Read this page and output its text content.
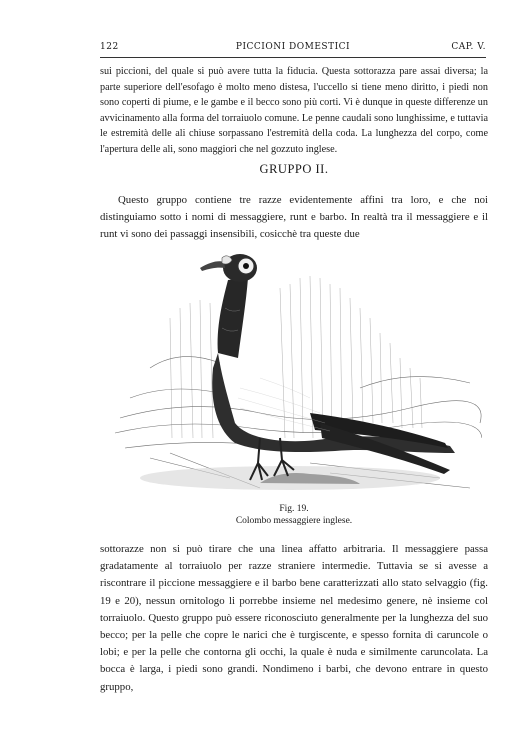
122	PICCIONI DOMESTICI	CAP. V.
sui piccioni, del quale si può avere tutta la fiducia. Questa sottorazza pare assai diversa; la parte superiore dell'esofago è molto meno distesa, l'uccello si tiene meno diritto, i piedi non sono coperti di piume, e le gambe e il becco sono più corti. Vi è dunque in queste differenze un avvicinamento alla forma del torraiuolo comune. Le penne caudali sono lunghissime, e tuttavia le estremità delle ali chiuse sorpassano l'estremità della coda. La lunghezza del corpo, come l'apertura delle ali, sono maggiori che nel gozzuto inglese.
GRUPPO II.
Questo gruppo contiene tre razze evidentemente affini tra loro, e che noi distinguiamo sotto i nomi di messaggiere, runt e barbo. In realtà tra il messaggiere e il runt vi sono dei passaggi insensibili, cosicchè tra queste due
Fig. 19.
Colombo messaggiere inglese.
sottorazze non si può tirare che una linea affatto arbitraria. Il messaggiere passa gradatamente al torraiuolo per razze straniere intermedie. Tuttavia se si avesse a riscontrare il piccione messaggiere e il barbo bene caratterizzati allo stato selvaggio (fig. 19 e 20), nessun ornitologo li porrebbe insieme nel medesimo genere, nè insieme col torraiuolo. Questo gruppo può essere riconosciuto generalmente per la lunghezza del suo becco; per la pelle che copre le narici che è turgiscente, e spesso fornita di caruncole o lobi; e per la pelle che contorna gli occhi, la quale è nuda e similmente caruncolata. La bocca è larga, i piedi sono grandi. Nondimeno i barbi, che devono entrare in questo gruppo,
